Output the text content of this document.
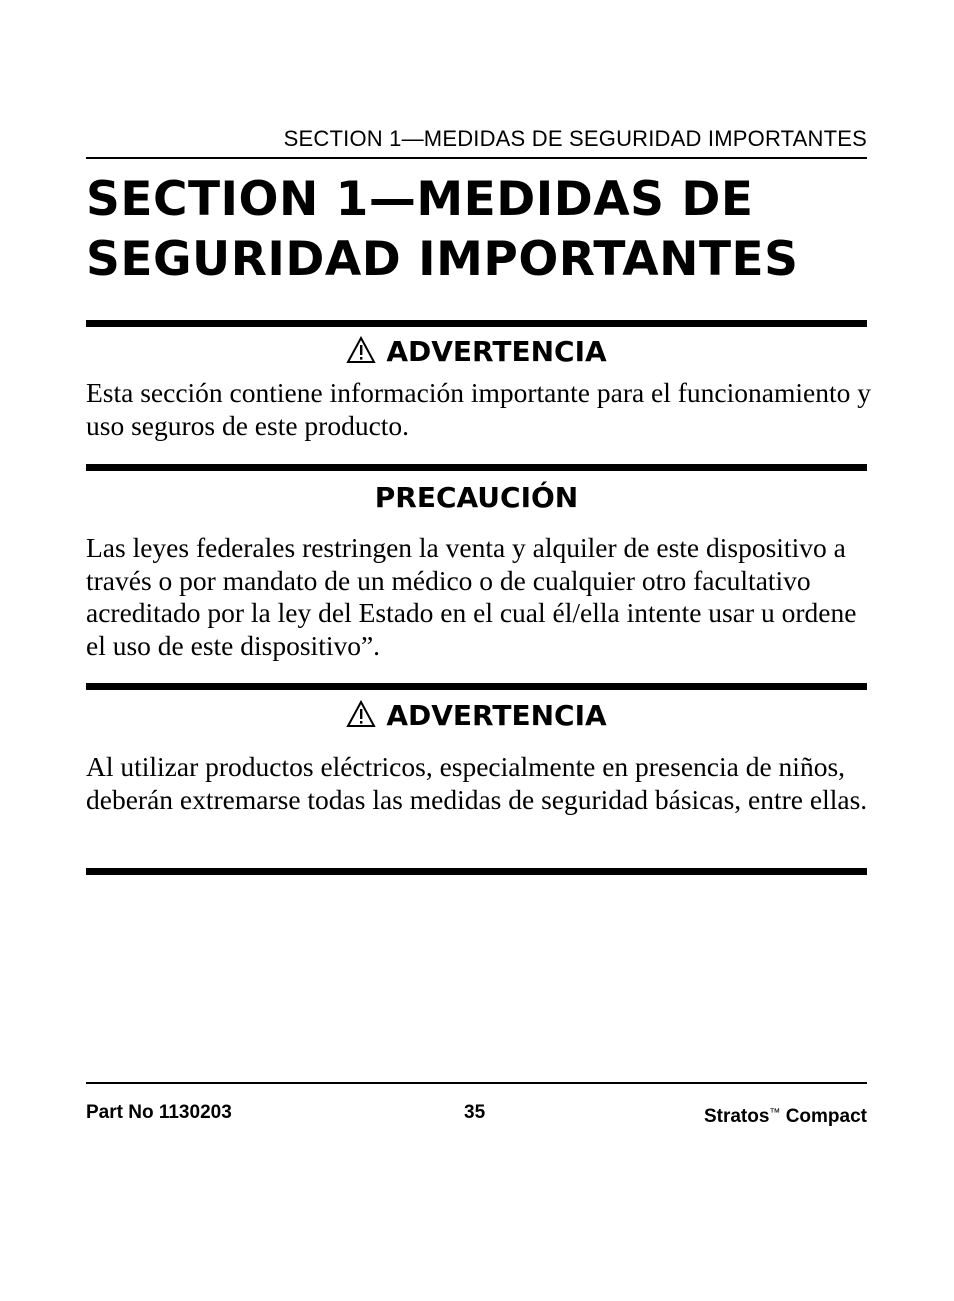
SECTION 1—MEDIDAS DE SEGURIDAD IMPORTANTES
SECTION 1—MEDIDAS DE
SEGURIDAD IMPORTANTES
ADVERTENCIA

Esta sección contiene información importante para el funcionamiento y uso seguros de este producto.

PRECAUCIÓN

Las leyes federales restringen la venta y alquiler de este dispositivo a través o por mandato de un médico o de cualquier otro facultativo acreditado por la ley del Estado en el cual él/ella intente usar u ordene el uso de este dispositivo”.

ADVERTENCIA

Al utilizar productos eléctricos, especialmente en presencia de niños, deberán extremarse todas las medidas de seguridad básicas, entre ellas.

Part No 1130203	35	Stratos™ Compact
